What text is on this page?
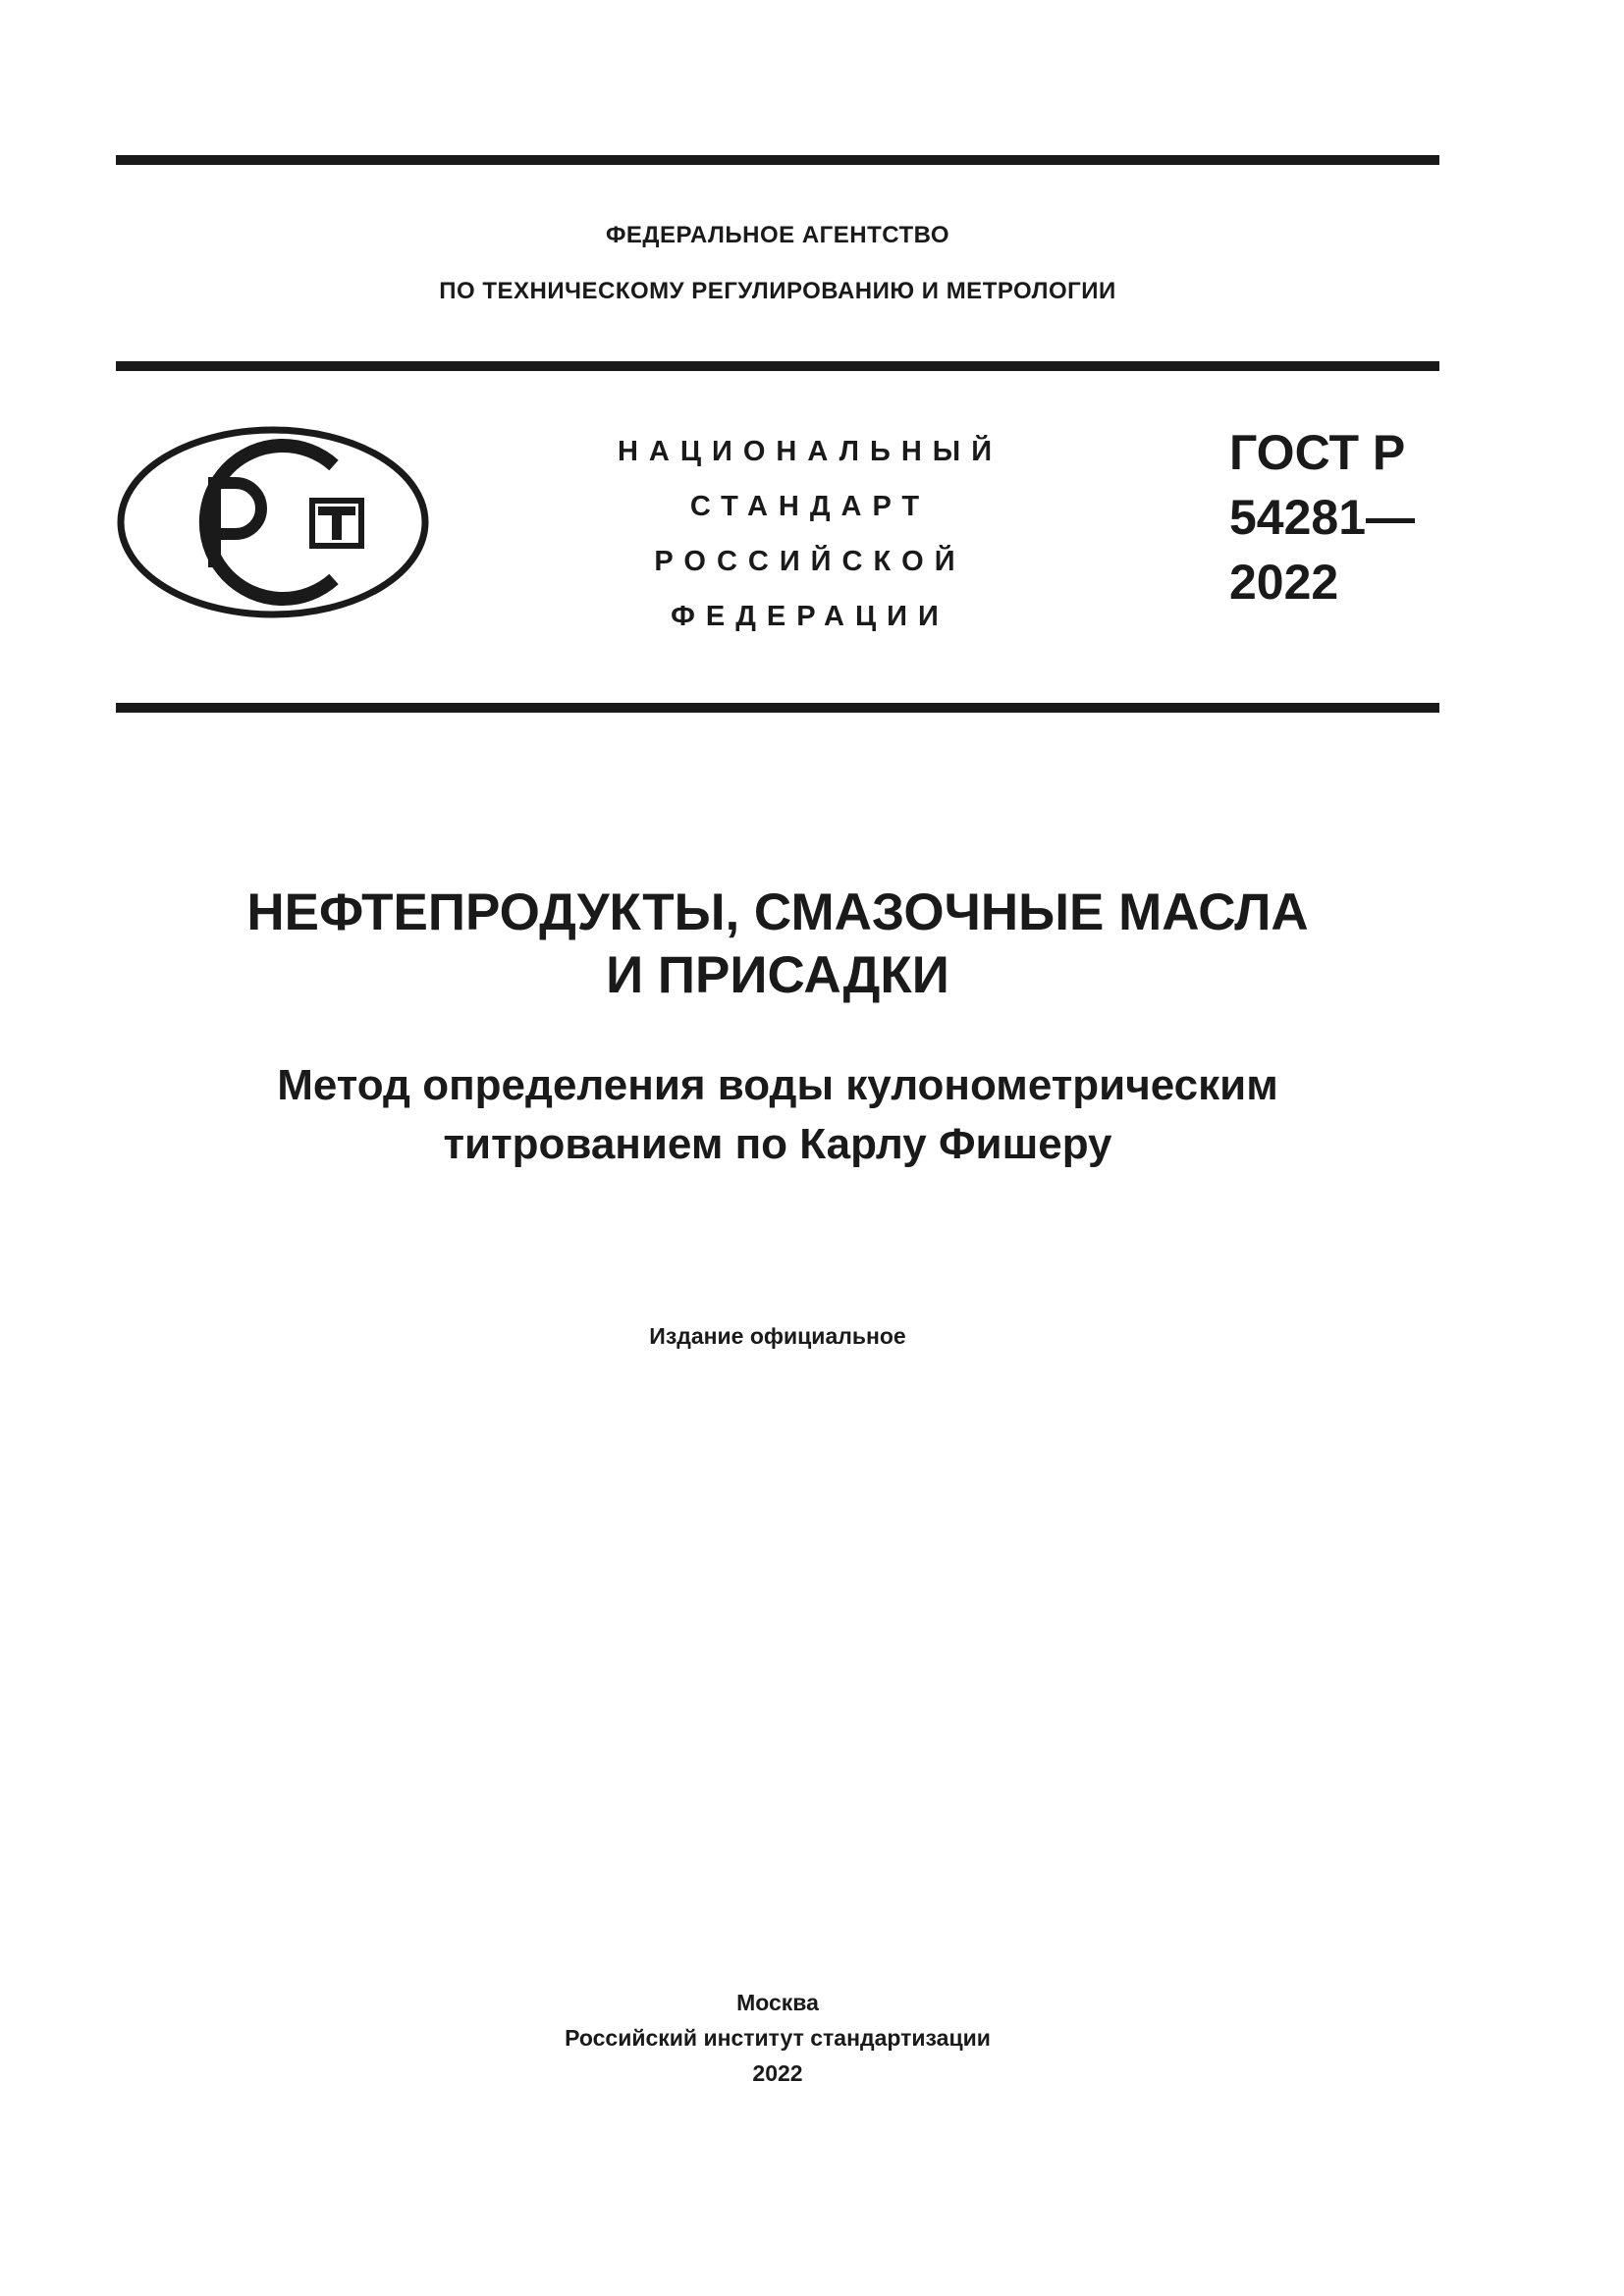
ФЕДЕРАЛЬНОЕ АГЕНТСТВО
ПО ТЕХНИЧЕСКОМУ РЕГУЛИРОВАНИЮ И МЕТРОЛОГИИ
НАЦИОНАЛЬНЫЙ
СТАНДАРТ
РОССИЙСКОЙ
ФЕДЕРАЦИИ
ГОСТ Р
54281—
2022
НЕФТЕПРОДУКТЫ, СМАЗОЧНЫЕ МАСЛА
И ПРИСАДКИ
Метод определения воды кулонометрическим
титрованием по Карлу Фишеру
Издание официальное
Москва
Российский институт стандартизации
2022
